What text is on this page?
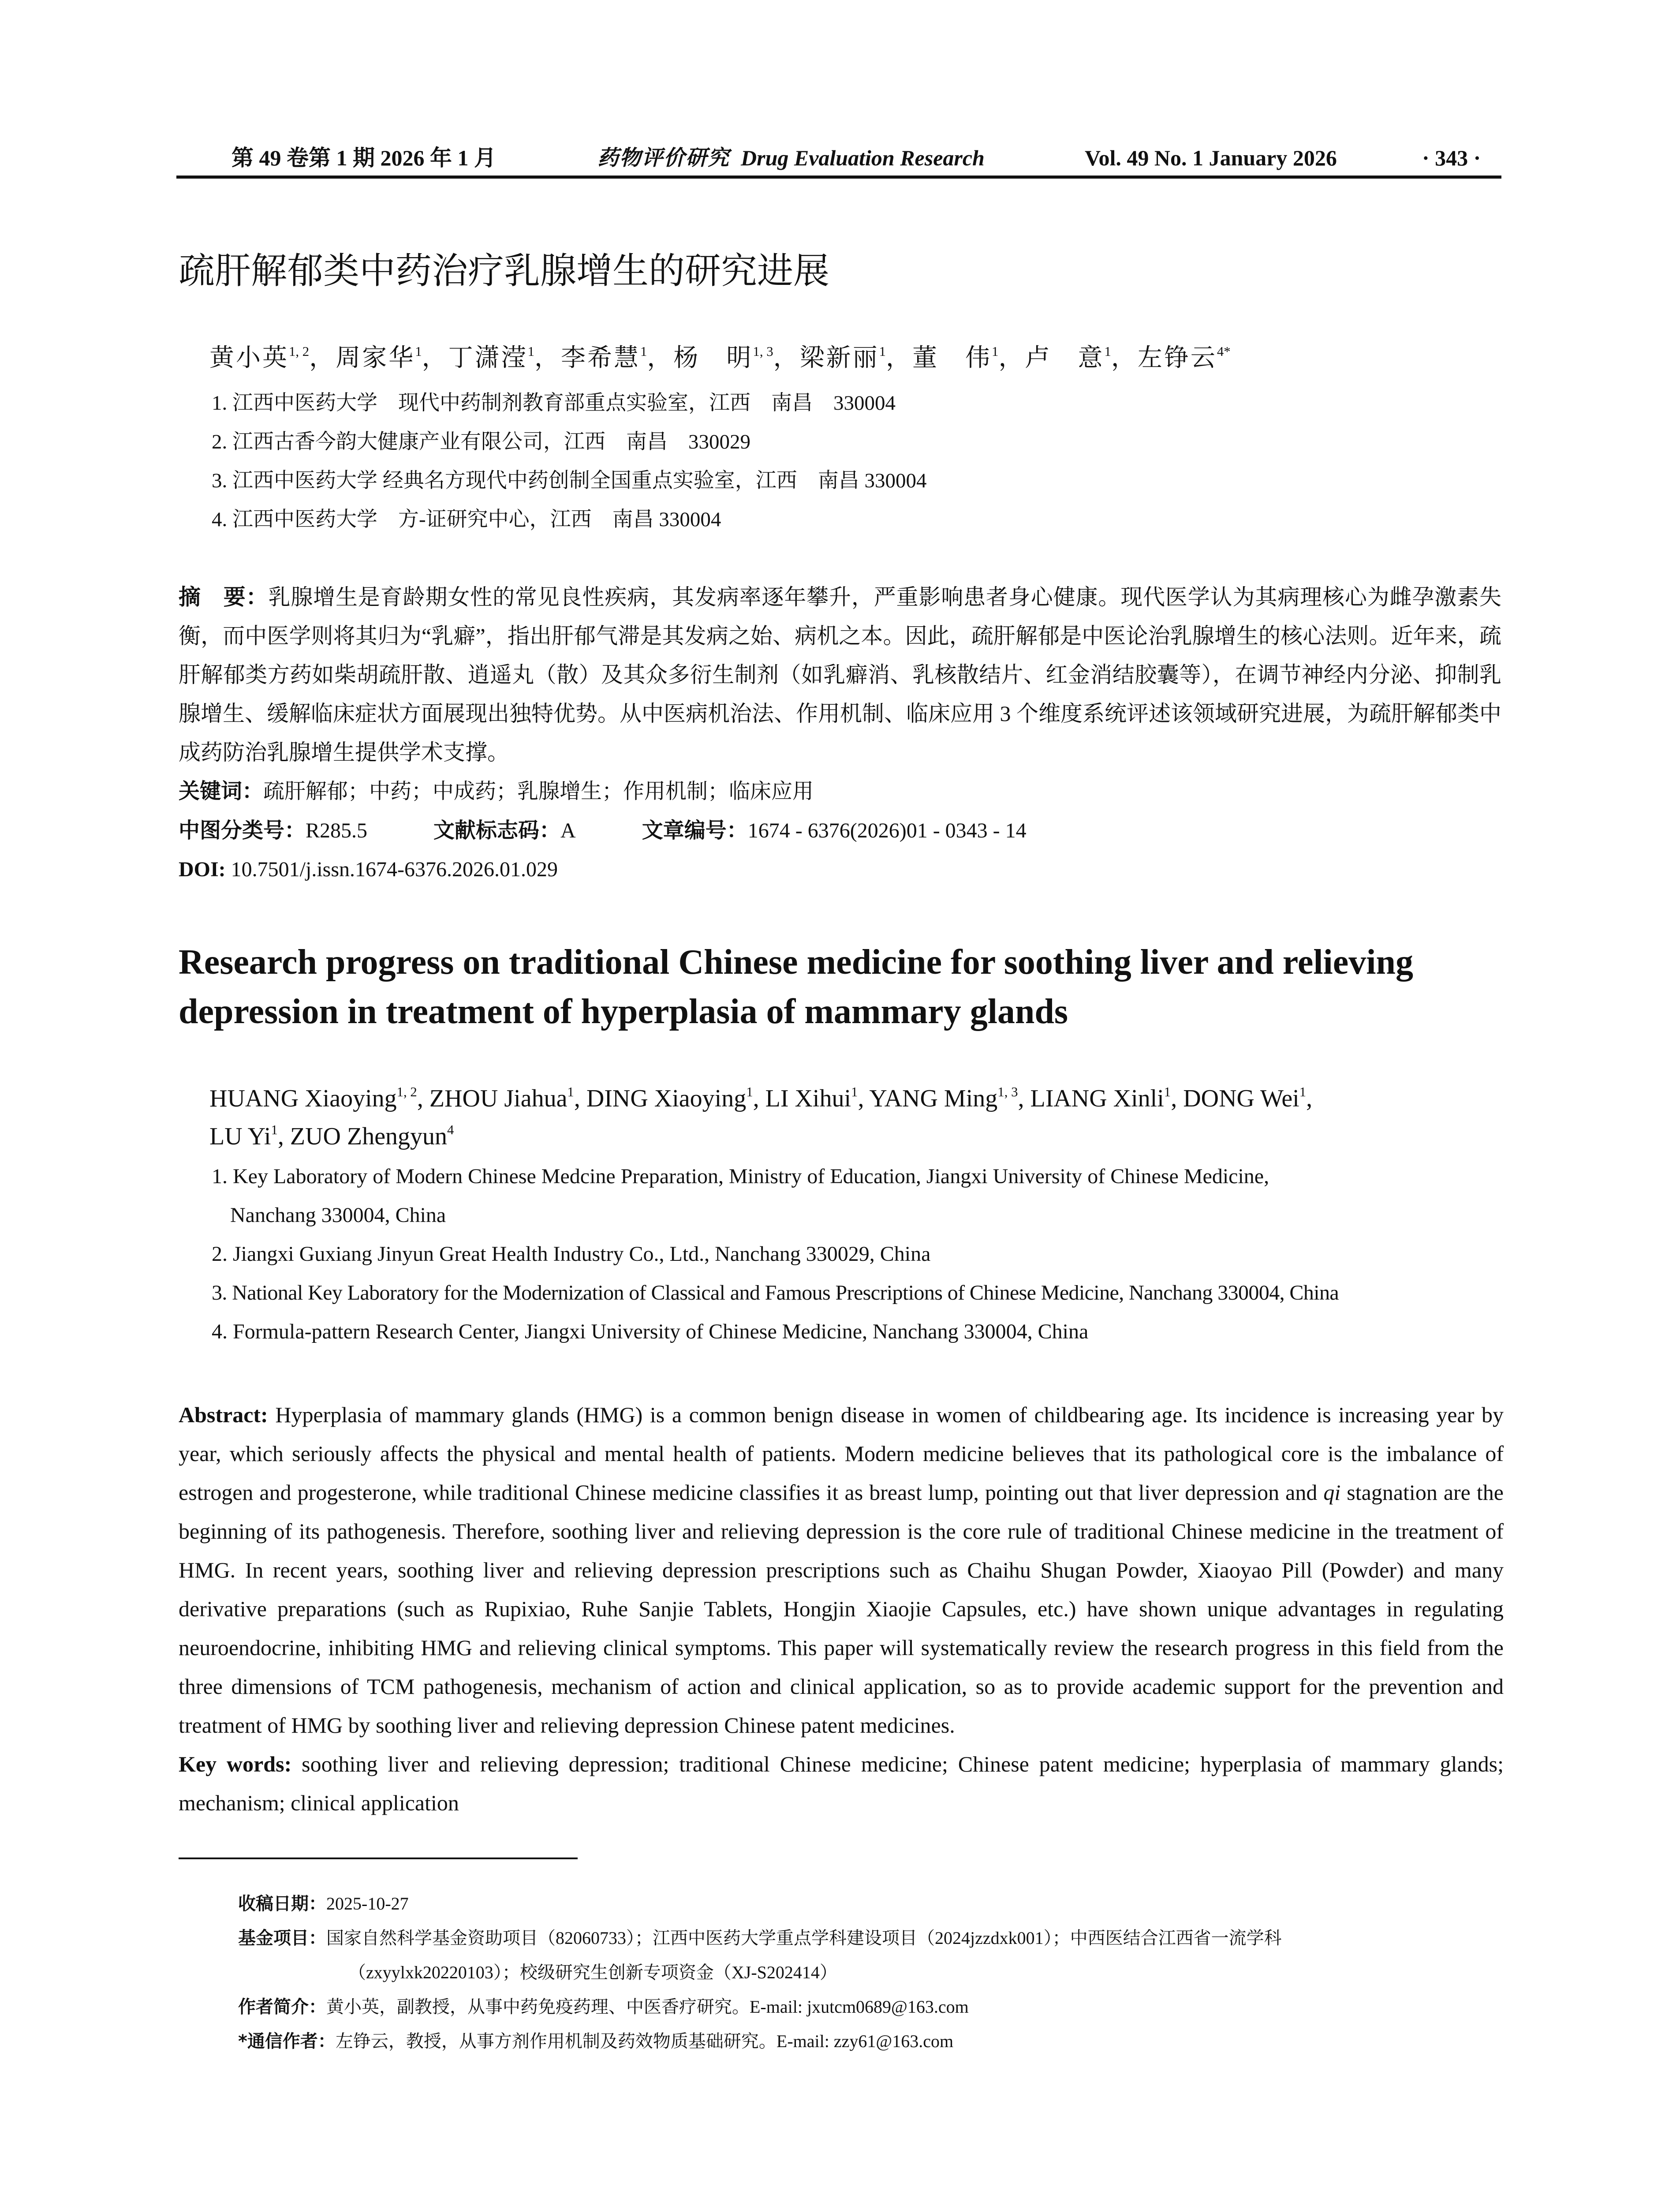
第 49 卷第 1 期 2026 年 1 月	药物评价研究 Drug Evaluation Research	Vol. 49 No. 1 January 2026	· 343 ·
疏肝解郁类中药治疗乳腺增生的研究进展
黄小英$^{1, 2}$，周家华$^1$，丁潇滢$^1$，李希慧$^1$，杨　明$^{1, 3}$，梁新丽$^1$，董　伟$^1$，卢　意$^1$，左铮云$^{4*}$
1. 江西中医药大学　现代中药制剂教育部重点实验室，江西　南昌　330004
2. 江西古香今韵大健康产业有限公司，江西　南昌　330029
3. 江西中医药大学 经典名方现代中药创制全国重点实验室，江西　南昌 330004
4. 江西中医药大学　方-证研究中心，江西　南昌 330004
摘　要：乳腺增生是育龄期女性的常见良性疾病，其发病率逐年攀升，严重影响患者身心健康。现代医学认为其病理核心为雌孕激素失衡，而中医学则将其归为“乳癖”，指出肝郁气滞是其发病之始、病机之本。因此，疏肝解郁是中医论治乳腺增生的核心法则。近年来，疏肝解郁类方药如柴胡疏肝散、逍遥丸（散）及其众多衍生制剂（如乳癖消、乳核散结片、红金消结胶囊等），在调节神经内分泌、抑制乳腺增生、缓解临床症状方面展现出独特优势。从中医病机治法、作用机制、临床应用 3 个维度系统评述该领域研究进展，为疏肝解郁类中成药防治乳腺增生提供学术支撑。
关键词：疏肝解郁；中药；中成药；乳腺增生；作用机制；临床应用
中图分类号：R285.5	文献标志码：A	文章编号：1674 - 6376(2026)01 - 0343 - 14
DOI: 10.7501/j.issn.1674-6376.2026.01.029
Research progress on traditional Chinese medicine for soothing liver and relieving depression in treatment of hyperplasia of mammary glands
HUANG Xiaoying$^{1, 2}$, ZHOU Jiahua$^1$, DING Xiaoying$^1$, LI Xihui$^1$, YANG Ming$^{1, 3}$, LIANG Xinli$^1$, DONG Wei$^1$,
LU Yi$^1$, ZUO Zhengyun$^4$
1. Key Laboratory of Modern Chinese Medcine Preparation, Ministry of Education, Jiangxi University of Chinese Medicine,
Nanchang 330004, China
2. Jiangxi Guxiang Jinyun Great Health Industry Co., Ltd., Nanchang 330029, China
3. National Key Laboratory for the Modernization of Classical and Famous Prescriptions of Chinese Medicine, Nanchang 330004, China
4. Formula-pattern Research Center, Jiangxi University of Chinese Medicine, Nanchang 330004, China
Abstract: Hyperplasia of mammary glands (HMG) is a common benign disease in women of childbearing age. Its incidence is increasing year by year, which seriously affects the physical and mental health of patients. Modern medicine believes that its pathological core is the imbalance of estrogen and progesterone, while traditional Chinese medicine classifies it as breast lump, pointing out that liver depression and qi stagnation are the beginning of its pathogenesis. Therefore, soothing liver and relieving depression is the core rule of traditional Chinese medicine in the treatment of HMG. In recent years, soothing liver and relieving depression prescriptions such as Chaihu Shugan Powder, Xiaoyao Pill (Powder) and many derivative preparations (such as Rupixiao, Ruhe Sanjie Tablets, Hongjin Xiaojie Capsules, etc.) have shown unique advantages in regulating neuroendocrine, inhibiting HMG and relieving clinical symptoms. This paper will systematically review the research progress in this field from the three dimensions of TCM pathogenesis, mechanism of action and clinical application, so as to provide academic support for the prevention and treatment of HMG by soothing liver and relieving depression Chinese patent medicines.
Key words: soothing liver and relieving depression; traditional Chinese medicine; Chinese patent medicine; hyperplasia of mammary glands; mechanism; clinical application
收稿日期：2025-10-27
基金项目：国家自然科学基金资助项目（82060733）；江西中医药大学重点学科建设项目（2024jzzdxk001）；中西医结合江西省一流学科
（zxyylxk20220103）；校级研究生创新专项资金（XJ-S202414）
作者简介：黄小英，副教授，从事中药免疫药理、中医香疗研究。E-mail: jxutcm0689@163.com
*通信作者：左铮云，教授，从事方剂作用机制及药效物质基础研究。E-mail: zzy61@163.com
